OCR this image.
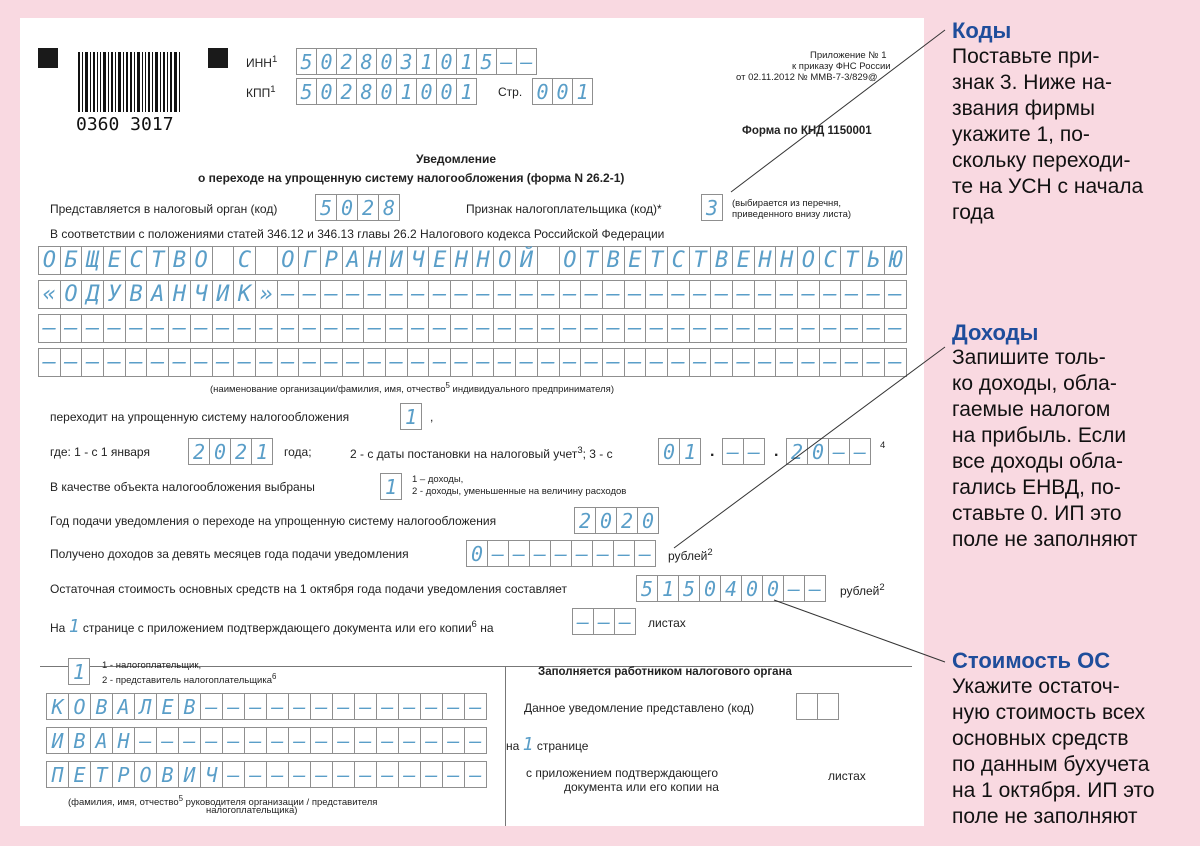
0360 3017
ИНН$^1$ 5 0 2 8 0 3 1 0 1 5 – –
КПП$^1$ 5 0 2 8 0 1 0 0 1	Стр. 0 0 1
Приложение № 1
к приказу ФНС России
от 02.11.2012 № ММВ-7-3/829@
Форма по КНД 1150001
Уведомление
о переходе на упрощенную систему налогообложения (форма N 26.2-1)
Представляется в налоговый орган (код) 5 0 2 8	Признак налогоплательщика (код)* 3	(выбирается из перечня,
приведенного внизу листа)
В соответствии с положениями статей 346.12 и 346.13 главы 26.2 Налогового кодекса Российской Федерации
О Б Щ Е С Т В О С О Г Р А Н И Ч Е Н Н О Й О Т В Е Т С Т В Е Н Н О С Т Ь Ю
« О Д У В А Н Ч И К » – – – – – – – – – – – – – – – – – – – – – – – – – – – – –
– – – – – – – – – – – – – – – – – – – – – – – – – – – – – – – – – – – – – – – –
– – – – – – – – – – – – – – – – – – – – – – – – – – – – – – – – – – – – – – – –
(наименование организации/фамилия, имя, отчество$^5$ индивидуального предпринимателя)
переходит на упрощенную систему налогообложения	1	,
где: 1 - с 1 января 2 0 2 1	года;	2 - с даты постановки на налоговый учет$^3$; 3 - с	0 1 . – – . 2 0 – –	4
В качестве объекта налогообложения выбраны	1	1 – доходы,
2 - доходы, уменьшенные на величину расходов
Год подачи уведомления о переходе на упрощенную систему налогообложения	2 0 2 0
Получено доходов за девять месяцев года подачи уведомления	0 – – – – – – – –	рублей$^2$
Остаточная стоимость основных средств на 1 октября года подачи уведомления составляет	5 1 5 0 4 0 0 – –	рублей$^2$
На 1 странице с приложением подтверждающего документа или его копии$^6$ на	– – –	листах
1	1 - налогоплательщик,
2 - представитель налогоплательщика$^6$
К О В А Л Е В – – – – – – – – – – – – –
И В А Н – – – – – – – – – – – – – – – –
П Е Т Р О В И Ч – – – – – – – – – – – –
(фамилия, имя, отчество$^5$ руководителя организации / представителя
налогоплательщика)
Заполняется работником налогового органа
Данное уведомление представлено (код)
на 1 странице
с приложением подтверждающего
документа или его копии на
листах
Коды
Поставьте при-
знак 3. Ниже на-
звания фирмы
укажите 1, по-
скольку переходи-
те на УСН с начала
года
Доходы
Запишите толь-
ко доходы, обла-
гаемые налогом
на прибыль. Если
все доходы обла-
гались ЕНВД, по-
ставьте 0. ИП это
поле не заполняют
Стоимость ОС
Укажите остаточ-
ную стоимость всех
основных средств
по данным бухучета
на 1 октября. ИП это
поле не заполняют
